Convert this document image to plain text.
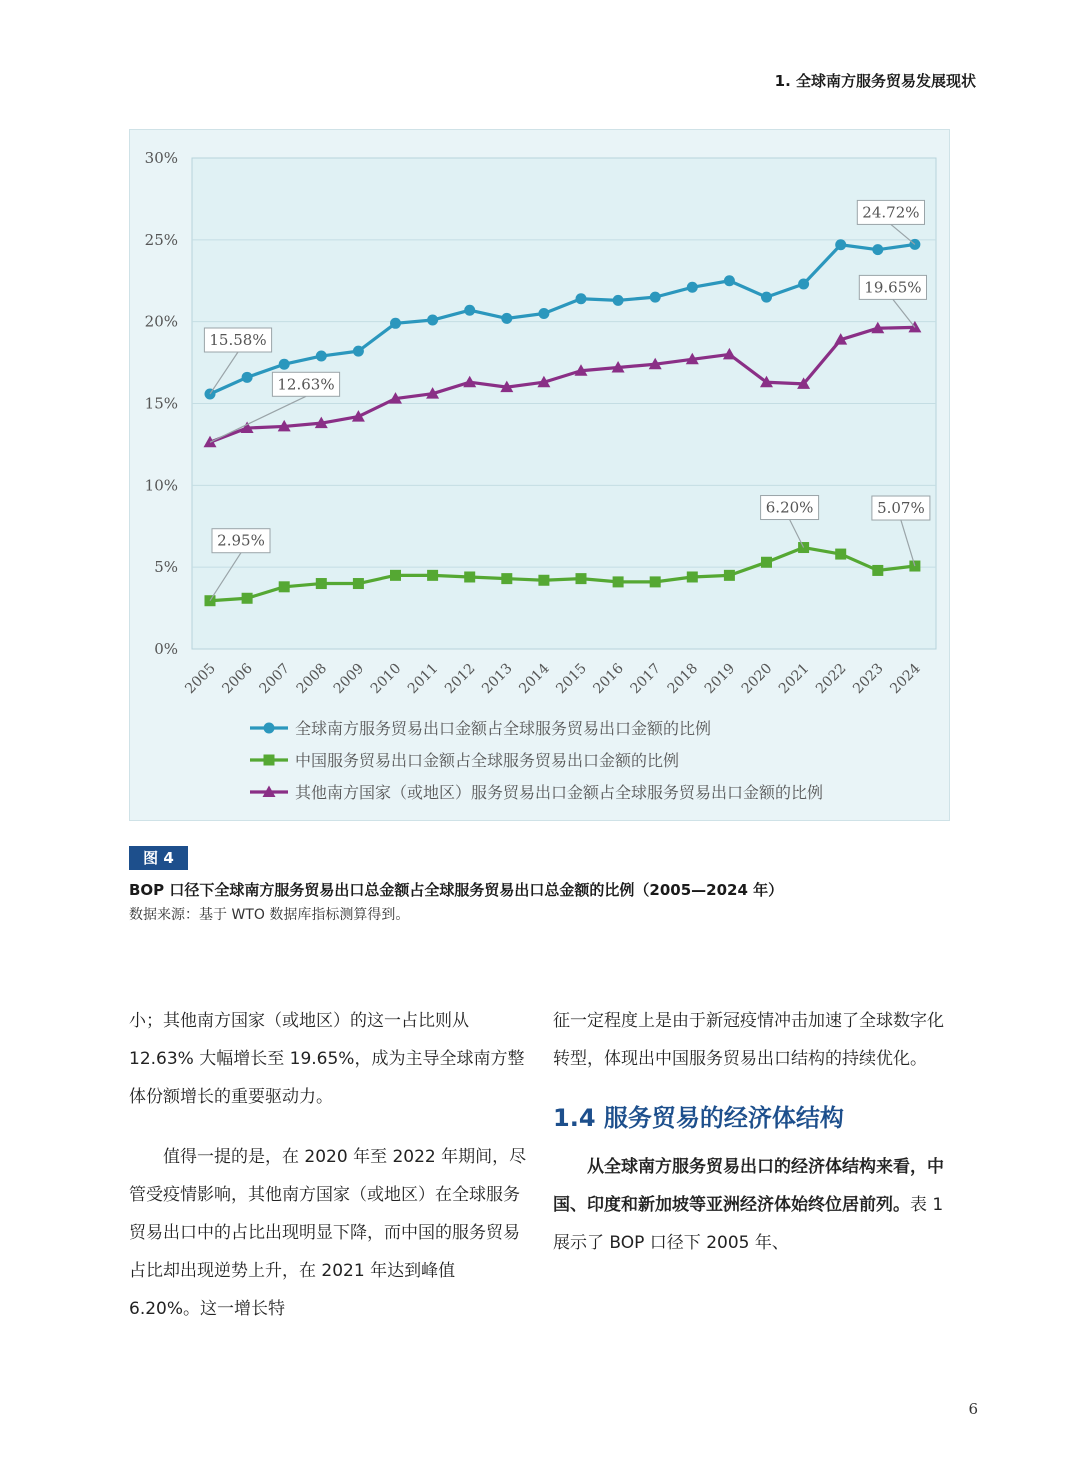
1. 全球南方服务贸易发展现状
0%
5%
10%
15%
20%
25%
30%
2005 2006 2007 2008 2009 2010 2011 2012 2013 2014 2015 2016 2017 2018 2019 2020 2021 2022 2023 2024
15.58%
24.72%
12.63%
19.65%
2.95%
6.20%	5.07%
全球南方服务贸易出口金额占全球服务贸易出口金额的比例
中国服务贸易出口金额占全球服务贸易出口金额的比例
其他南方国家（或地区）服务贸易出口金额占全球服务贸易出口金额的比例
图 4
BOP 口径下全球南方服务贸易出口总金额占全球服务贸易出口总金额的比例（2005—2024 年）
数据来源：基于 WTO 数据库指标测算得到。

小；其他南方国家（或地区）的这一占比则从 12.63% 大幅增长至 19.65%，成为主导全球南方整体份额增长的重要驱动力。

值得一提的是，在 2020 年至 2022 年期间，尽管受疫情影响，其他南方国家（或地区）在全球服务贸易出口中的占比出现明显下降，而中国的服务贸易占比却出现逆势上升，在 2021 年达到峰值 6.20%。这一增长特

征一定程度上是由于新冠疫情冲击加速了全球数字化转型，体现出中国服务贸易出口结构的持续优化。

1.4 服务贸易的经济体结构

从全球南方服务贸易出口的经济体结构来看，中国、印度和新加坡等亚洲经济体始终位居前列。表 1 展示了 BOP 口径下 2005 年、

6
